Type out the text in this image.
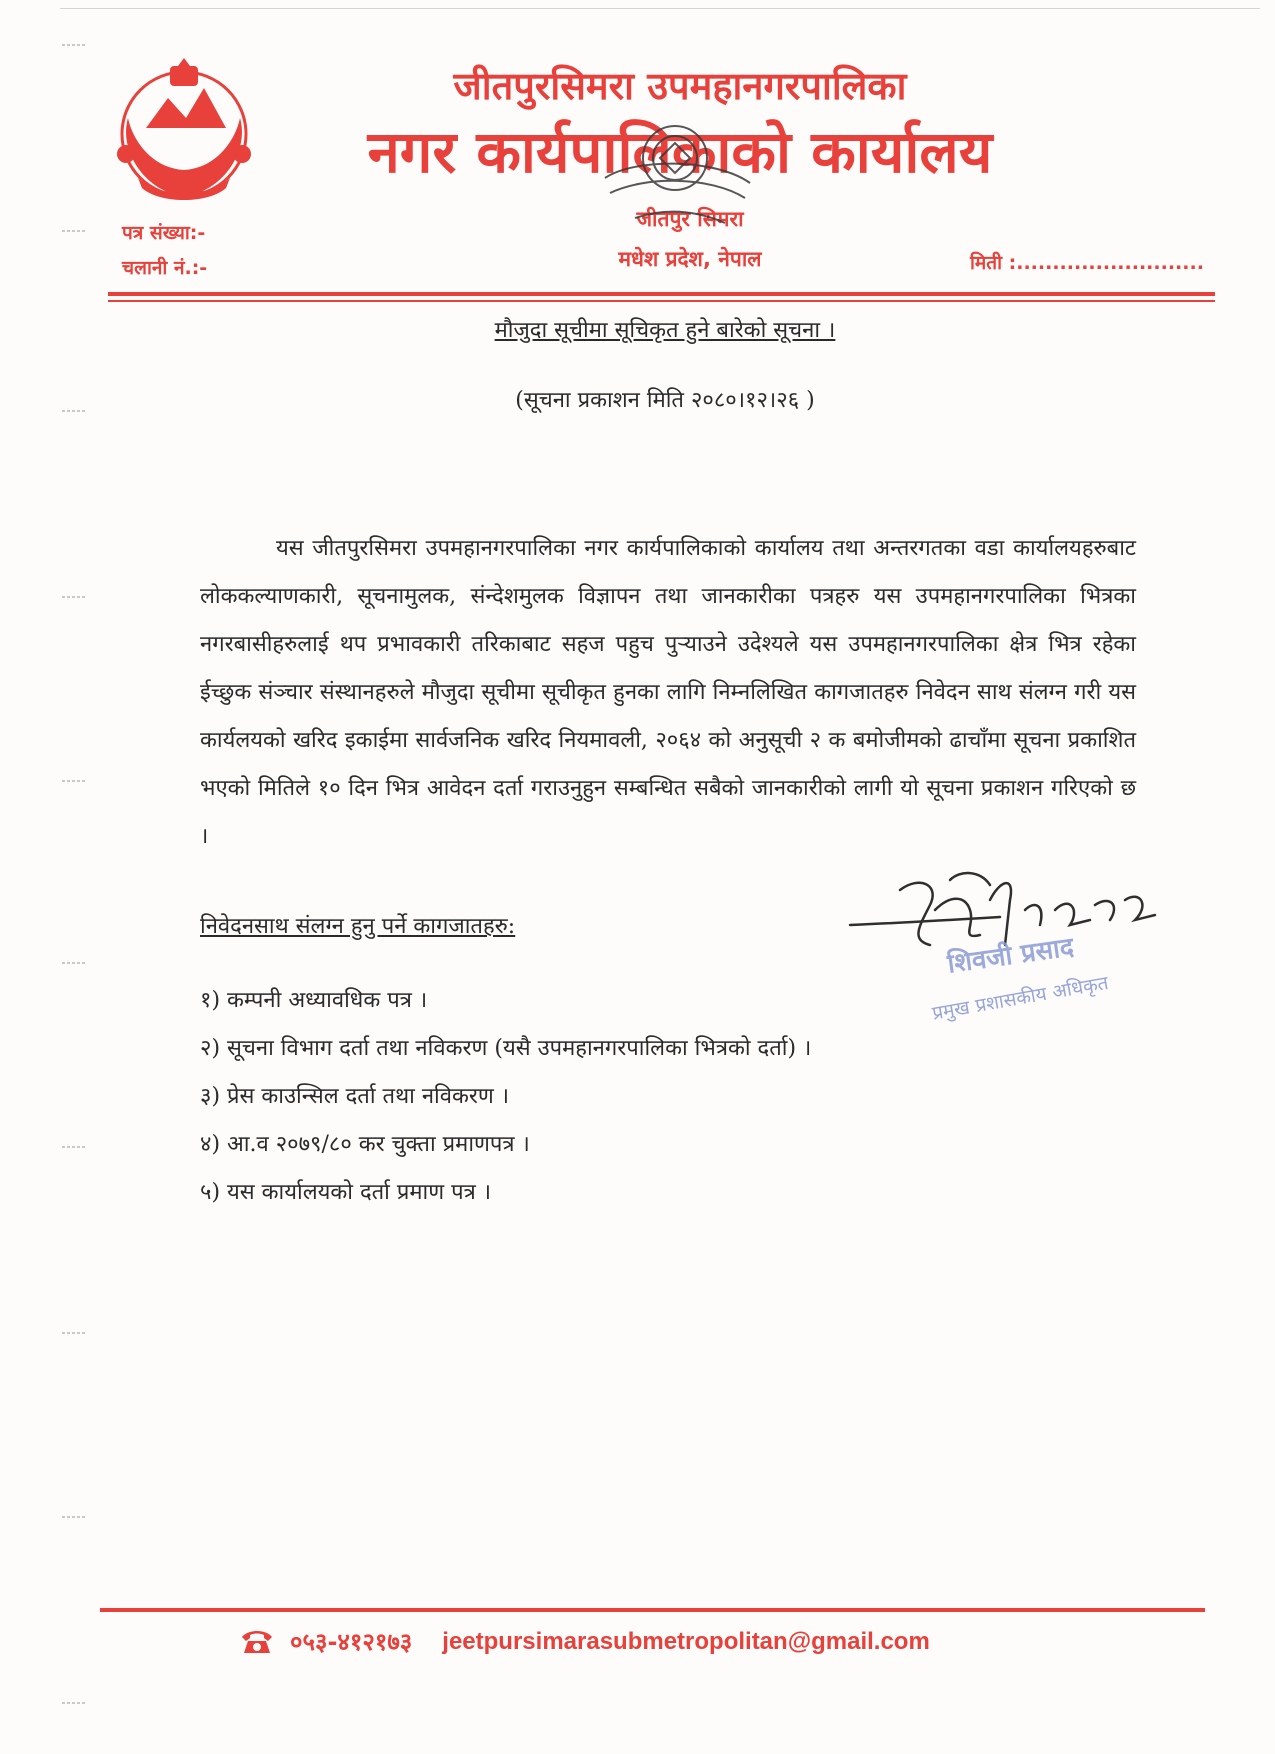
जीतपुरसिमरा उपमहानगरपालिका
नगर कार्यपालिकाको कार्यालय
जीतपुर सिमरा
मधेश प्रदेश, नेपाल
पत्र संख्या:-
चलानी नं.:-	मिती :..........................
मौजुदा सूचीमा सूचिकृत हुने बारेको सूचना ।
(सूचना प्रकाशन मिति २०८०।१२।२६ )

यस जीतपुरसिमरा उपमहानगरपालिका नगर कार्यपालिकाको कार्यालय तथा अन्तरगतका वडा कार्यालयहरुबाट लोककल्याणकारी, सूचनामुलक, संन्देशमुलक विज्ञापन तथा जानकारीका पत्रहरु यस उपमहानगरपालिका भित्रका नगरबासीहरुलाई थप प्रभावकारी तरिकाबाट सहज पहुच पुऱ्याउने उदेश्यले यस उपमहानगरपालिका क्षेत्र भित्र रहेका ईच्छुक संञ्चार संस्थानहरुले मौजुदा सूचीमा सूचीकृत हुनका लागि निम्नलिखित कागजातहरु निवेदन साथ संलग्न गरी यस कार्यलयको खरिद इकाईमा सार्वजनिक खरिद नियमावली, २०६४ को अनुसूची २ क बमोजीमको ढाचाँमा सूचना प्रकाशित भएको मितिले १० दिन भित्र आवेदन दर्ता गराउनुहुन सम्बन्धित सबैको जानकारीको लागी यो सूचना प्रकाशन गरिएको छ ।

निवेदनसाथ संलग्न हुनु पर्ने कागजातहरु:
१) कम्पनी अध्यावधिक पत्र ।
२) सूचना विभाग दर्ता तथा नविकरण (यसै उपमहानगरपालिका भित्रको दर्ता) ।
३) प्रेस काउन्सिल दर्ता तथा नविकरण ।
४) आ.व २०७९/८० कर चुक्ता प्रमाणपत्र ।
५) यस कार्यालयको दर्ता प्रमाण पत्र ।
शिवजी प्रसाद
प्रमुख प्रशासकीय अधिकृत
०५३-४१२१७३ jeetpursimarasubmetropolitan@gmail.com
